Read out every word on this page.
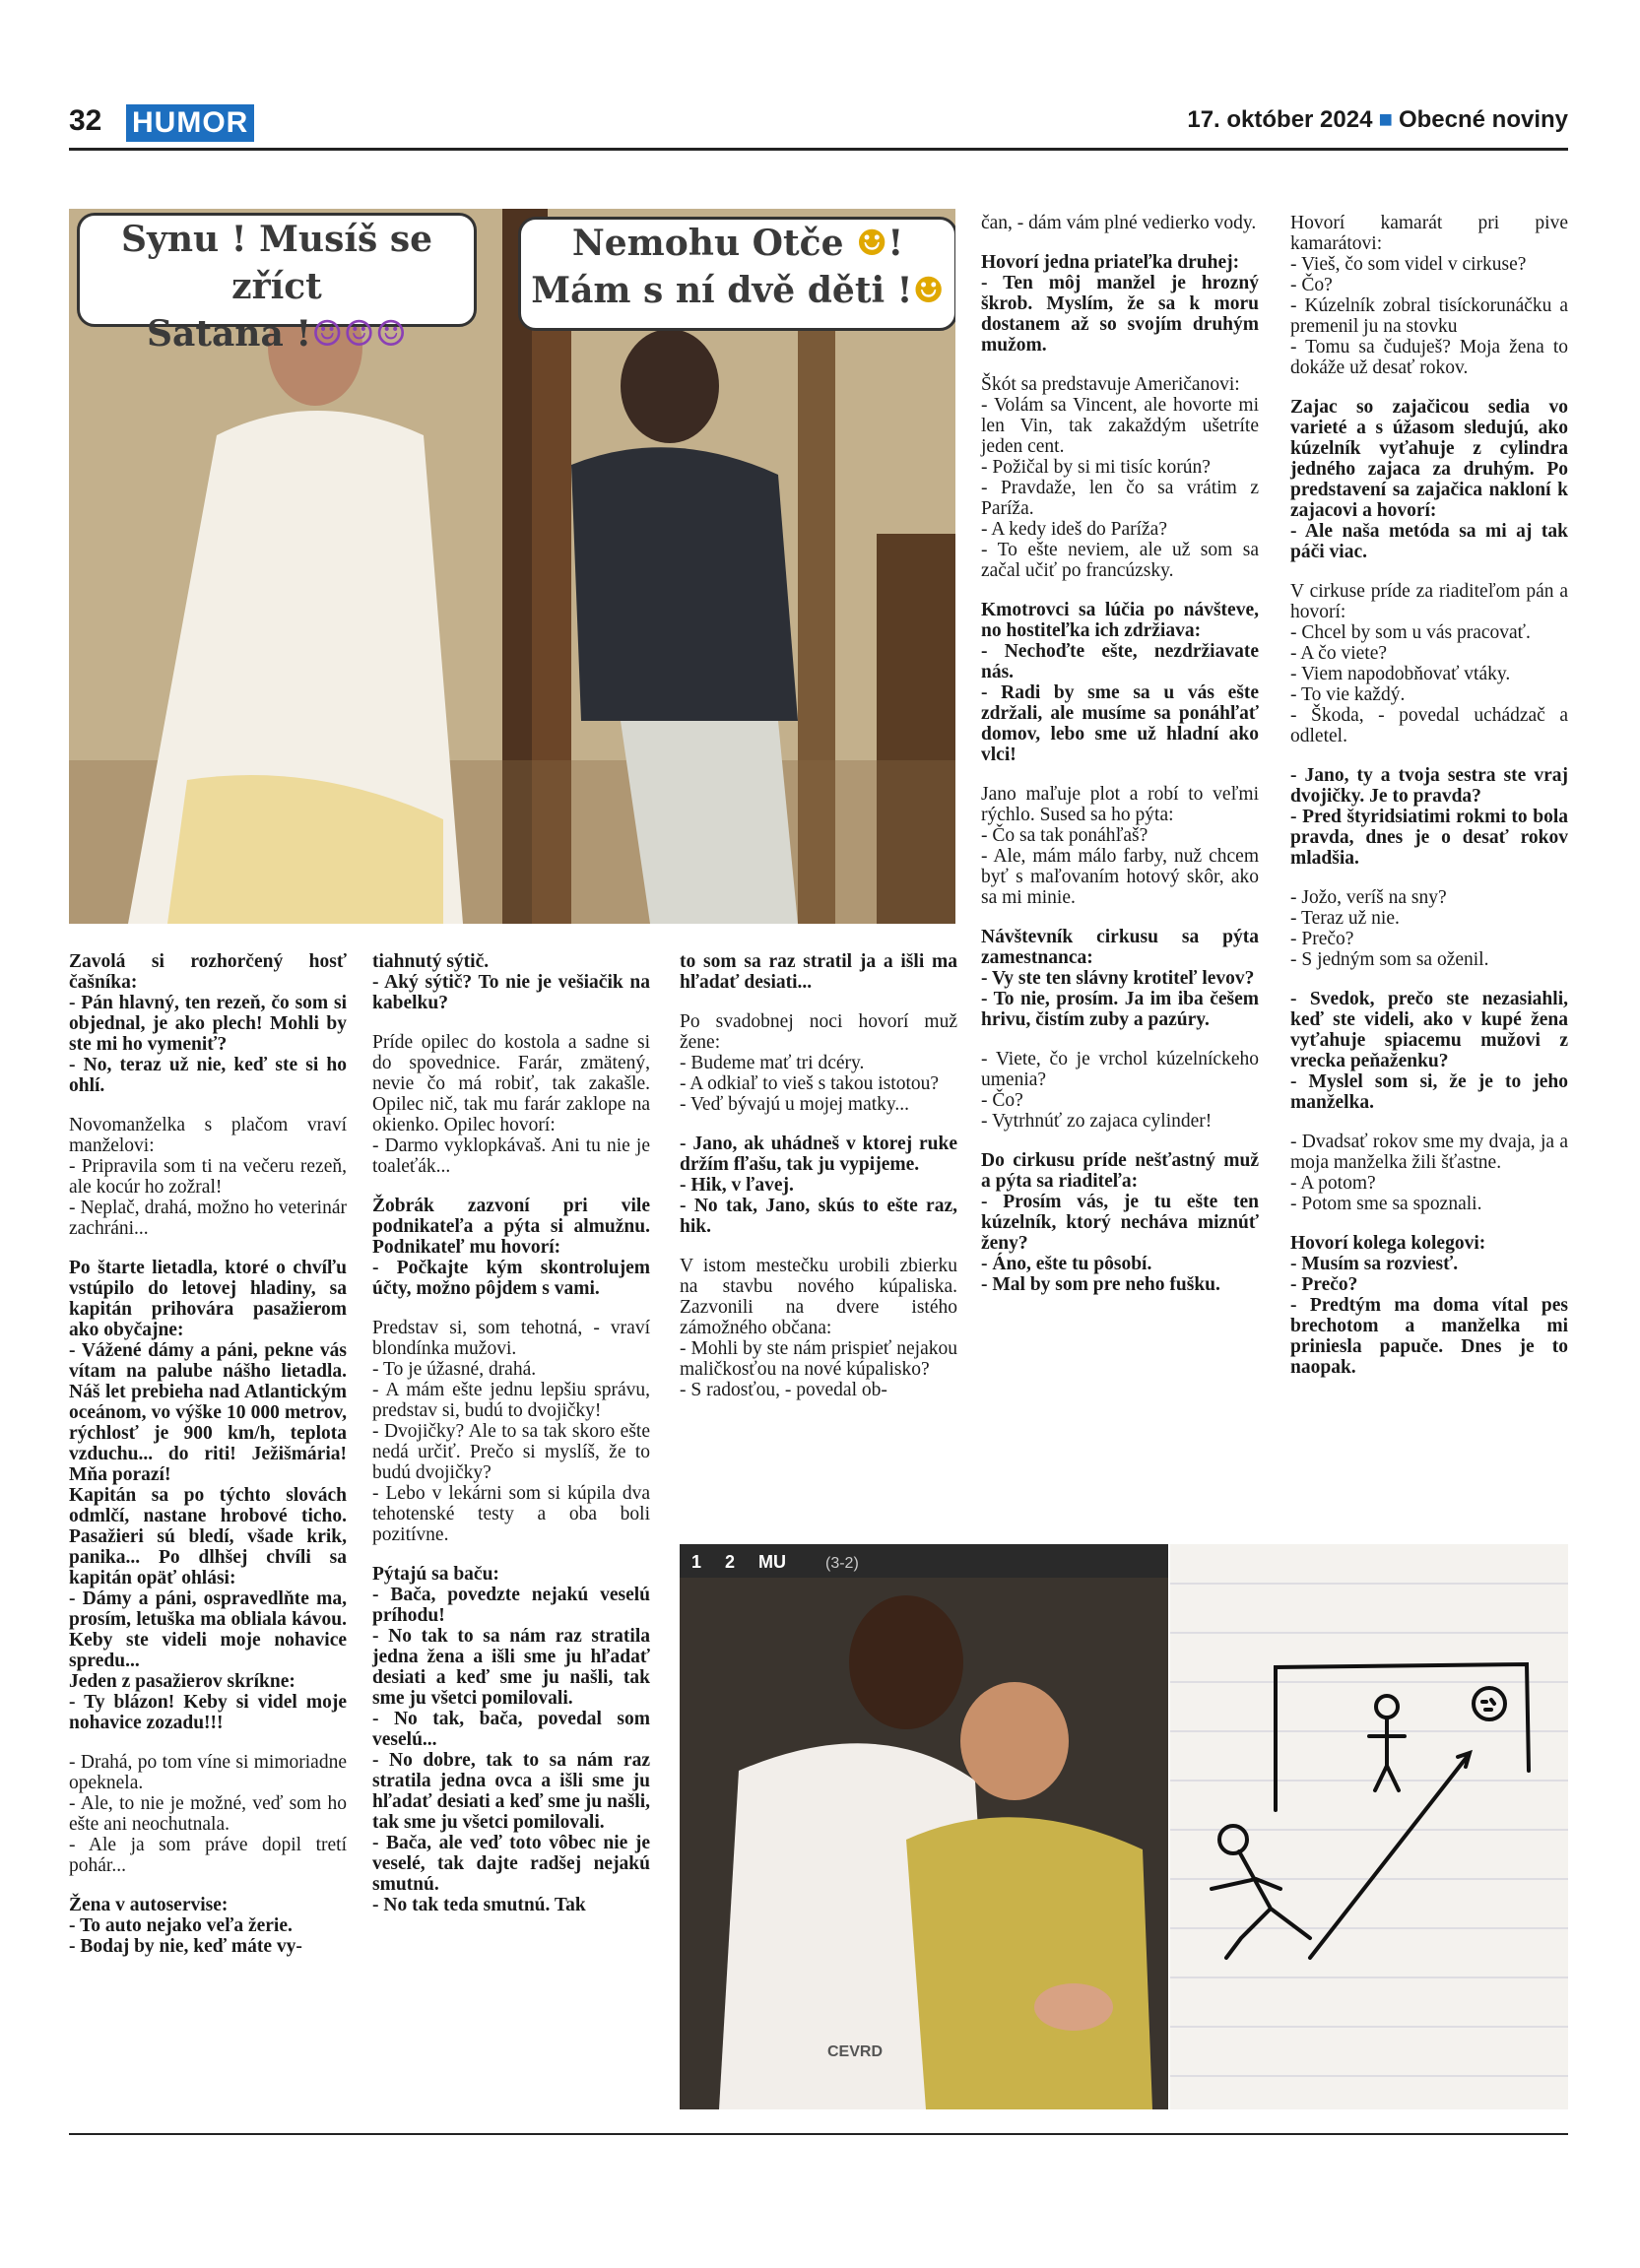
32 HUMOR	17. október 2024 ■ Obecné noviny
Synu ! Musíš se zříct
Satana !☺☺☺
Nemohu Otče ☻!
Mám s ní dvě děti !☻

Zavolá si rozhorčený hosť čašníka:
- Pán hlavný, ten rezeň, čo som si objednal, je ako plech! Mohli by ste mi ho vymeniť?
- No, teraz už nie, keď ste si ho ohlí.

Novomanželka s plačom vraví manželovi:
- Pripravila som ti na večeru rezeň, ale kocúr ho zožral!
- Neplač, drahá, možno ho veterinár zachráni...

Po štarte lietadla, ktoré o chvíľu vstúpilo do letovej hladiny, sa kapitán prihovára pasažierom ako obyčajne:
- Vážené dámy a páni, pekne vás vítam na palube nášho lietadla. Náš let prebieha nad Atlantickým oceánom, vo výške 10 000 metrov, rýchlosť je 900 km/h, teplota vzduchu... do riti! Ježišmária! Mňa porazí!
Kapitán sa po týchto slovách odmlčí, nastane hrobové ticho. Pasažieri sú bledí, všade krik, panika... Po dlhšej chvíli sa kapitán opäť ohlási:
- Dámy a páni, ospravedlňte ma, prosím, letuška ma obliala kávou. Keby ste videli moje nohavice spredu...
Jeden z pasažierov skríkne:
- Ty blázon! Keby si videl moje nohavice zozadu!!!

- Drahá, po tom víne si mimoriadne opeknela.
- Ale, to nie je možné, veď som ho ešte ani neochutnala.
- Ale ja som práve dopil tretí pohár...

Žena v autoservise:
- To auto nejako veľa žerie.
- Bodaj by nie, keď máte vy-

tiahnutý sýtič.
- Aký sýtič? To nie je vešiačik na kabelku?

Príde opilec do kostola a sadne si do spovednice. Farár, zmätený, nevie čo má robiť, tak zakašle. Opilec nič, tak mu farár zaklope na okienko. Opilec hovorí:
- Darmo vyklopkávaš. Ani tu nie je toaleťák...

Žobrák zazvoní pri vile podnikateľa a pýta si almužnu. Podnikateľ mu hovorí:
- Počkajte kým skontrolujem účty, možno pôjdem s vami.

Predstav si, som tehotná, - vraví blondínka mužovi.
- To je úžasné, drahá.
- A mám ešte jednu lepšiu správu, predstav si, budú to dvojičky!
- Dvojičky? Ale to sa tak skoro ešte nedá určiť. Prečo si myslíš, že to budú dvojičky?
- Lebo v lekárni som si kúpila dva tehotenské testy a oba boli pozitívne.

Pýtajú sa baču:
- Bača, povedzte nejakú veselú príhodu!
- No tak to sa nám raz stratila jedna žena a išli sme ju hľadať desiati a keď sme ju našli, tak sme ju všetci pomilovali.
- No tak, bača, povedal som veselú...
- No dobre, tak to sa nám raz stratila jedna ovca a išli sme ju hľadať desiati a keď sme ju našli, tak sme ju všetci pomilovali.
- Bača, ale veď toto vôbec nie je veselé, tak dajte radšej nejakú smutnú.
- No tak teda smutnú. Tak

to som sa raz stratil ja a išli ma hľadať desiati...

Po svadobnej noci hovorí muž žene:
- Budeme mať tri dcéry.
- A odkiaľ to vieš s takou istotou?
- Veď bývajú u mojej matky...

- Jano, ak uhádneš v ktorej ruke držím fľašu, tak ju vypijeme.
- Hik, v ľavej.
- No tak, Jano, skús to ešte raz, hik.

V istom mestečku urobili zbierku na stavbu nového kúpaliska. Zazvonili na dvere istého zámožného občana:
- Mohli by ste nám prispieť nejakou maličkosťou na nové kúpalisko?
- S radosťou, - povedal ob-

čan, - dám vám plné vedierko vody.

Hovorí jedna priateľka druhej:
- Ten môj manžel je hrozný škrob. Myslím, že sa k moru dostanem až so svojím druhým mužom.

Škót sa predstavuje Američanovi:
- Volám sa Vincent, ale hovorte mi len Vin, tak zakaždým ušetríte jeden cent.
- Požičal by si mi tisíc korún?
- Pravdaže, len čo sa vrátim z Paríža.
- A kedy ideš do Paríža?
- To ešte neviem, ale už som sa začal učiť po francúzsky.

Kmotrovci sa lúčia po návšteve, no hostiteľka ich zdržiava:
- Nechoďte ešte, nezdržiavate nás.
- Radi by sme sa u vás ešte zdržali, ale musíme sa ponáhľať domov, lebo sme už hladní ako vlci!

Jano maľuje plot a robí to veľmi rýchlo. Sused sa ho pýta:
- Čo sa tak ponáhľaš?
- Ale, mám málo farby, nuž chcem byť s maľovaním hotový skôr, ako sa mi minie.

Návštevník cirkusu sa pýta zamestnanca:
- Vy ste ten slávny krotiteľ levov?
- To nie, prosím. Ja im iba češem hrivu, čistím zuby a pazúry.

- Viete, čo je vrchol kúzelníckeho umenia?
- Čo?
- Vytrhnúť zo zajaca cylinder!

Do cirkusu príde nešťastný muž a pýta sa riaditeľa:
- Prosím vás, je tu ešte ten kúzelník, ktorý necháva miznúť ženy?
- Áno, ešte tu pôsobí.
- Mal by som pre neho fušku.

Hovorí kamarát pri pive kamarátovi:
- Vieš, čo som videl v cirkuse?
- Čo?
- Kúzelník zobral tisíckorunáčku a premenil ju na stovku
- Tomu sa čuduješ? Moja žena to dokáže už desať rokov.

Zajac so zajačicou sedia vo varieté a s úžasom sledujú, ako kúzelník vyťahuje z cylindra jedného zajaca za druhým. Po predstavení sa zajačica nakloní k zajacovi a hovorí:
- Ale naša metóda sa mi aj tak páči viac.

V cirkuse príde za riaditeľom pán a hovorí:
- Chcel by som u vás pracovať.
- A čo viete?
- Viem napodobňovať vtáky.
- To vie každý.
- Škoda, - povedal uchádzač a odletel.

- Jano, ty a tvoja sestra ste vraj dvojičky. Je to pravda?
- Pred štyridsiatimi rokmi to bola pravda, dnes je o desať rokov mladšia.

- Jožo, veríš na sny?
- Teraz už nie.
- Prečo?
- S jedným som sa oženil.

- Svedok, prečo ste nezasiahli, keď ste videli, ako v kupé žena vyťahuje spiacemu mužovi z vrecka peňaženku?
- Myslel som si, že je to jeho manželka.

- Dvadsať rokov sme my dvaja, ja a moja manželka žili šťastne.
- A potom?
- Potom sme sa spoznali.

Hovorí kolega kolegovi:
- Musím sa rozviesť.
- Prečo?
- Predtým ma doma vítal pes brechotom a manželka mi priniesla papuče. Dnes je to naopak.

1 2 MU	(3-2)
CEVRD
